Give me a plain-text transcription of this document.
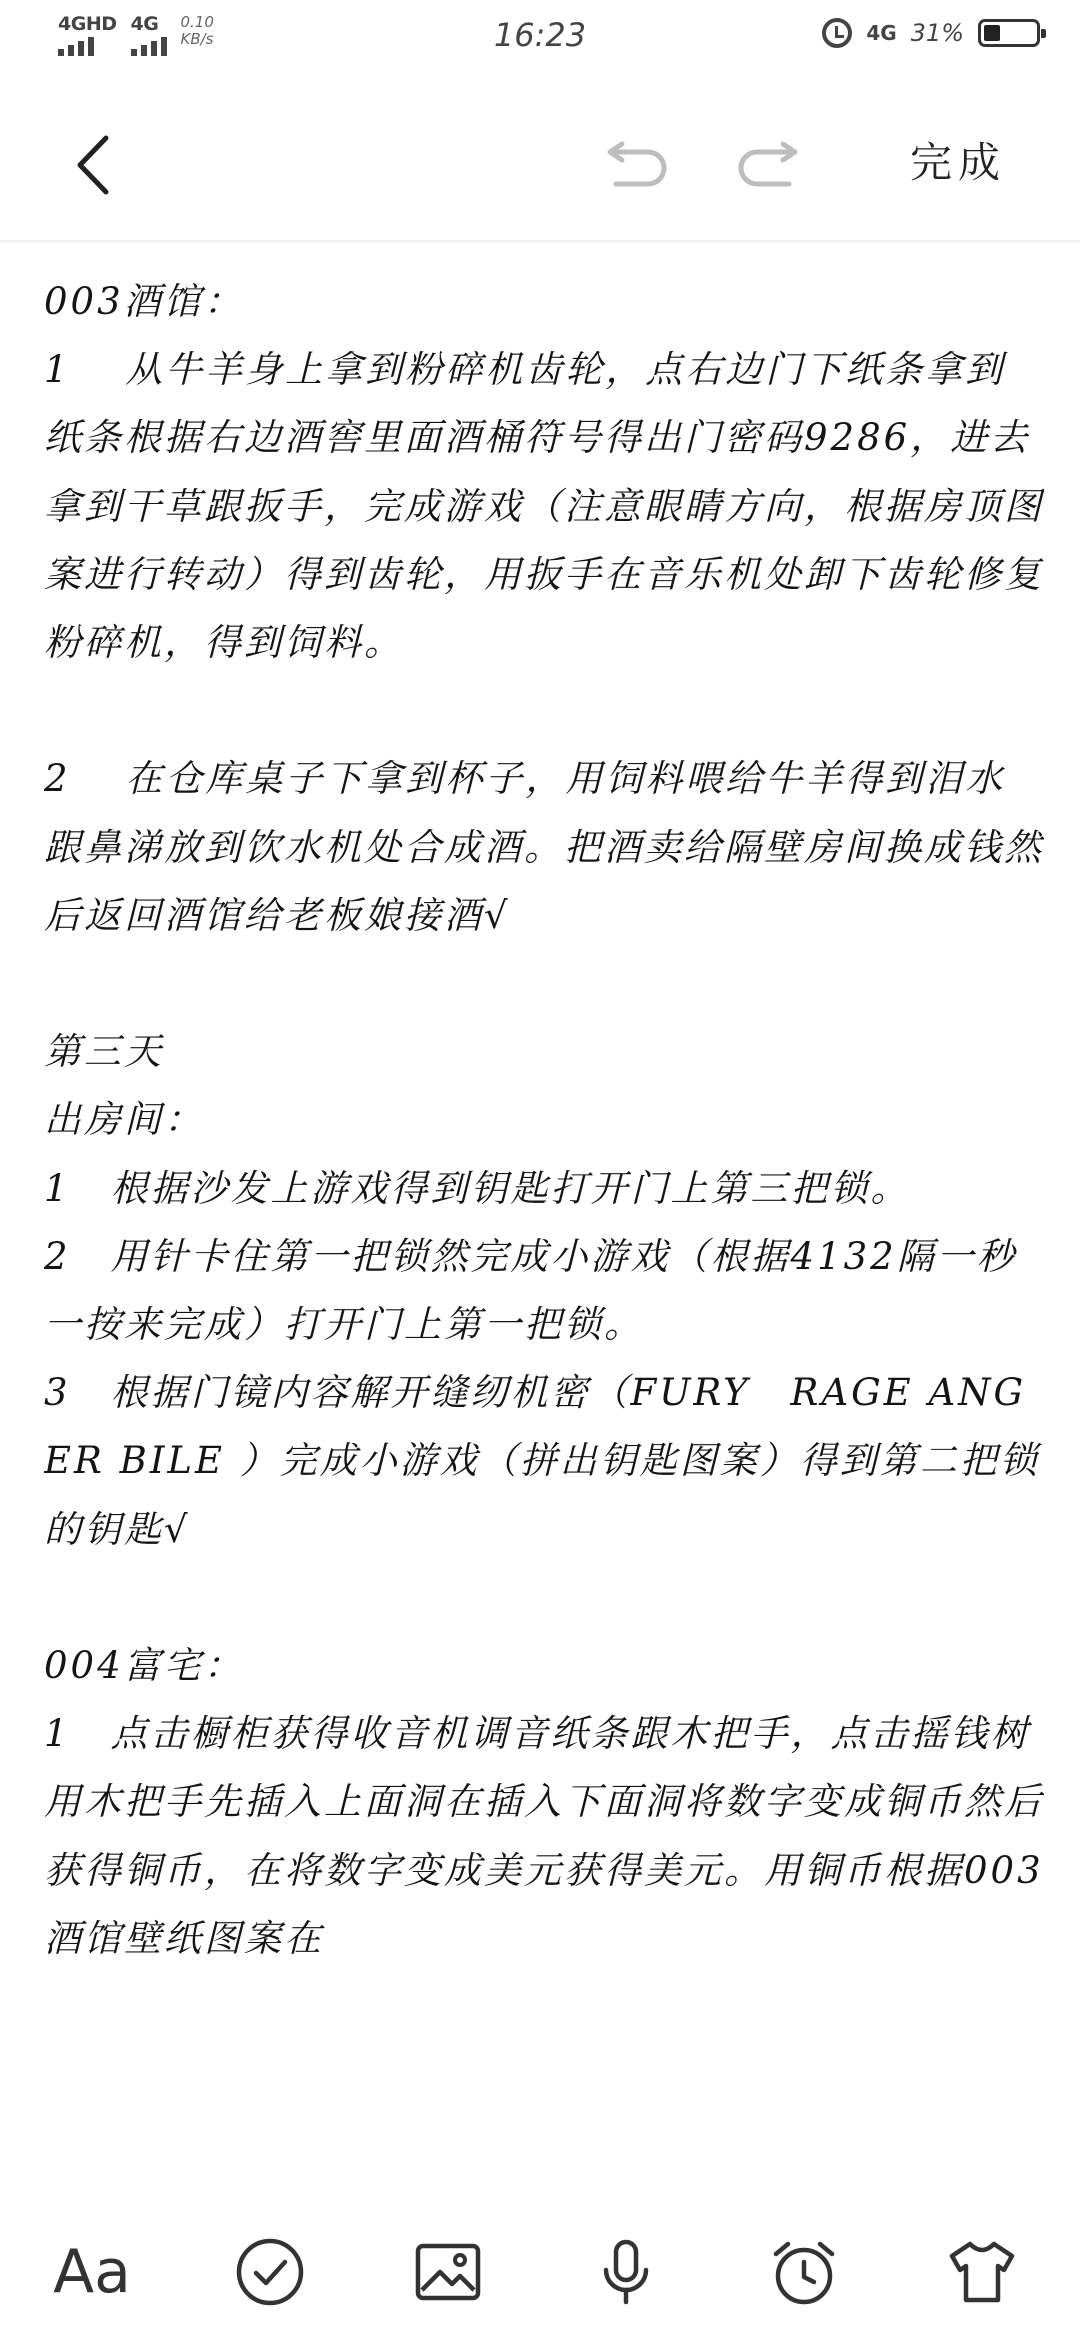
4GHD 4G 0.10
KB/s	16:23	4G 31%
完成
003酒馆：
1　 从牛羊身上拿到粉碎机齿轮，点右边门下纸条拿到纸条根据右边酒窖里面酒桶符号得出门密码9286，进去拿到干草跟扳手，完成游戏（注意眼睛方向，根据房顶图案进行转动）得到齿轮，用扳手在音乐机处卸下齿轮修复粉碎机，得到饲料。
2　 在仓库桌子下拿到杯子，用饲料喂给牛羊得到泪水跟鼻涕放到饮水机处合成酒。把酒卖给隔壁房间换成钱然后返回酒馆给老板娘接酒√
第三天
出房间：
1　根据沙发上游戏得到钥匙打开门上第三把锁。
2　用针卡住第一把锁然完成小游戏（根据4132隔一秒一按来完成）打开门上第一把锁。
3　根据门镜内容解开缝纫机密（FURY　RAGE ANGER BILE ）完成小游戏（拼出钥匙图案）得到第二把锁的钥匙√
004富宅：
1　点击橱柜获得收音机调音纸条跟木把手，点击摇钱树用木把手先插入上面洞在插入下面洞将数字变成铜币然后获得铜币，在将数字变成美元获得美元。用铜币根据003酒馆壁纸图案在
Aa
